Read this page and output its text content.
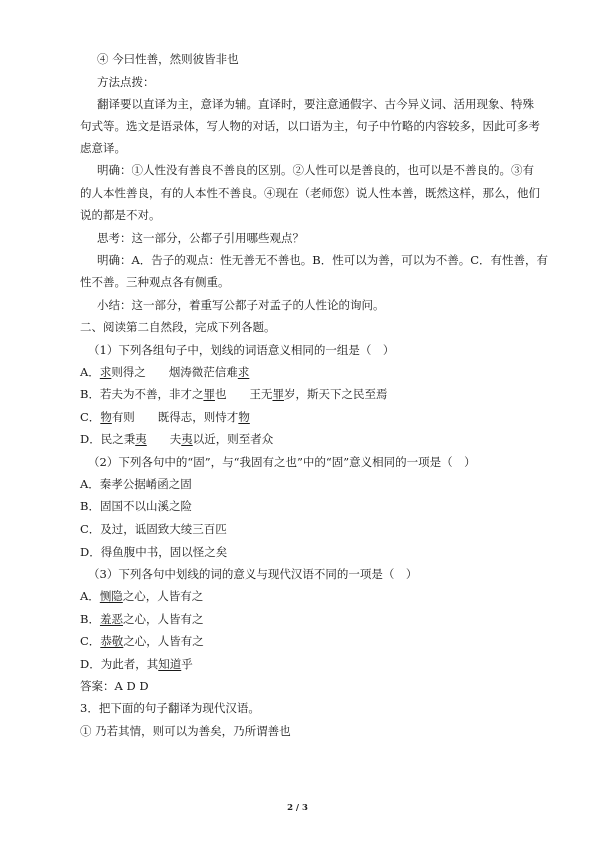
④ 今曰性善，然则彼皆非也
方法点拨：
翻译要以直译为主，意译为辅。直译时，要注意通假字、古今异义词、活用现象、特殊
句式等。选文是语录体，写人物的对话，以口语为主，句子中竹略的内容较多，因此可多考
虑意译。
明确：①人性没有善良不善良的区别。②人性可以是善良的，也可以是不善良的。③有
的人本性善良，有的人本性不善良。④现在（老师您）说人性本善，既然这样，那么，他们
说的都是不对。
思考：这一部分，公都子引用哪些观点？
明确：A．告子的观点：性无善无不善也。B．性可以为善，可以为不善。C．有性善，有
性不善。三种观点各有侧重。
小结：这一部分，着重写公都子对孟子的人性论的询问。
二、阅读第二自然段，完成下列各题。
（1）下列各组句子中，划线的词语意义相同的一组是（　）
A．求则得之　　烟涛微茫信难求
B．若夫为不善，非才之罪也　　王无罪岁，斯天下之民至焉
C．物有则　　既得志，则恃才物
D．民之秉夷　　夫夷以近，则至者众
（2）下列各句中的“固”，与“我固有之也”中的“固”意义相同的一项是（　）
A．秦孝公据崤函之固
B．固国不以山溪之险
C．及过，诋固致大绫三百匹
D．得鱼腹中书，固以怪之矣
（3）下列各句中划线的词的意义与现代汉语不同的一项是（　）
A．恻隐之心，人皆有之
B．羞恶之心，人皆有之
C．恭敬之心，人皆有之
D．为此者，其知道乎
答案：A D D
3．把下面的句子翻译为现代汉语。
① 乃若其情，则可以为善矣，乃所谓善也
2 / 3
